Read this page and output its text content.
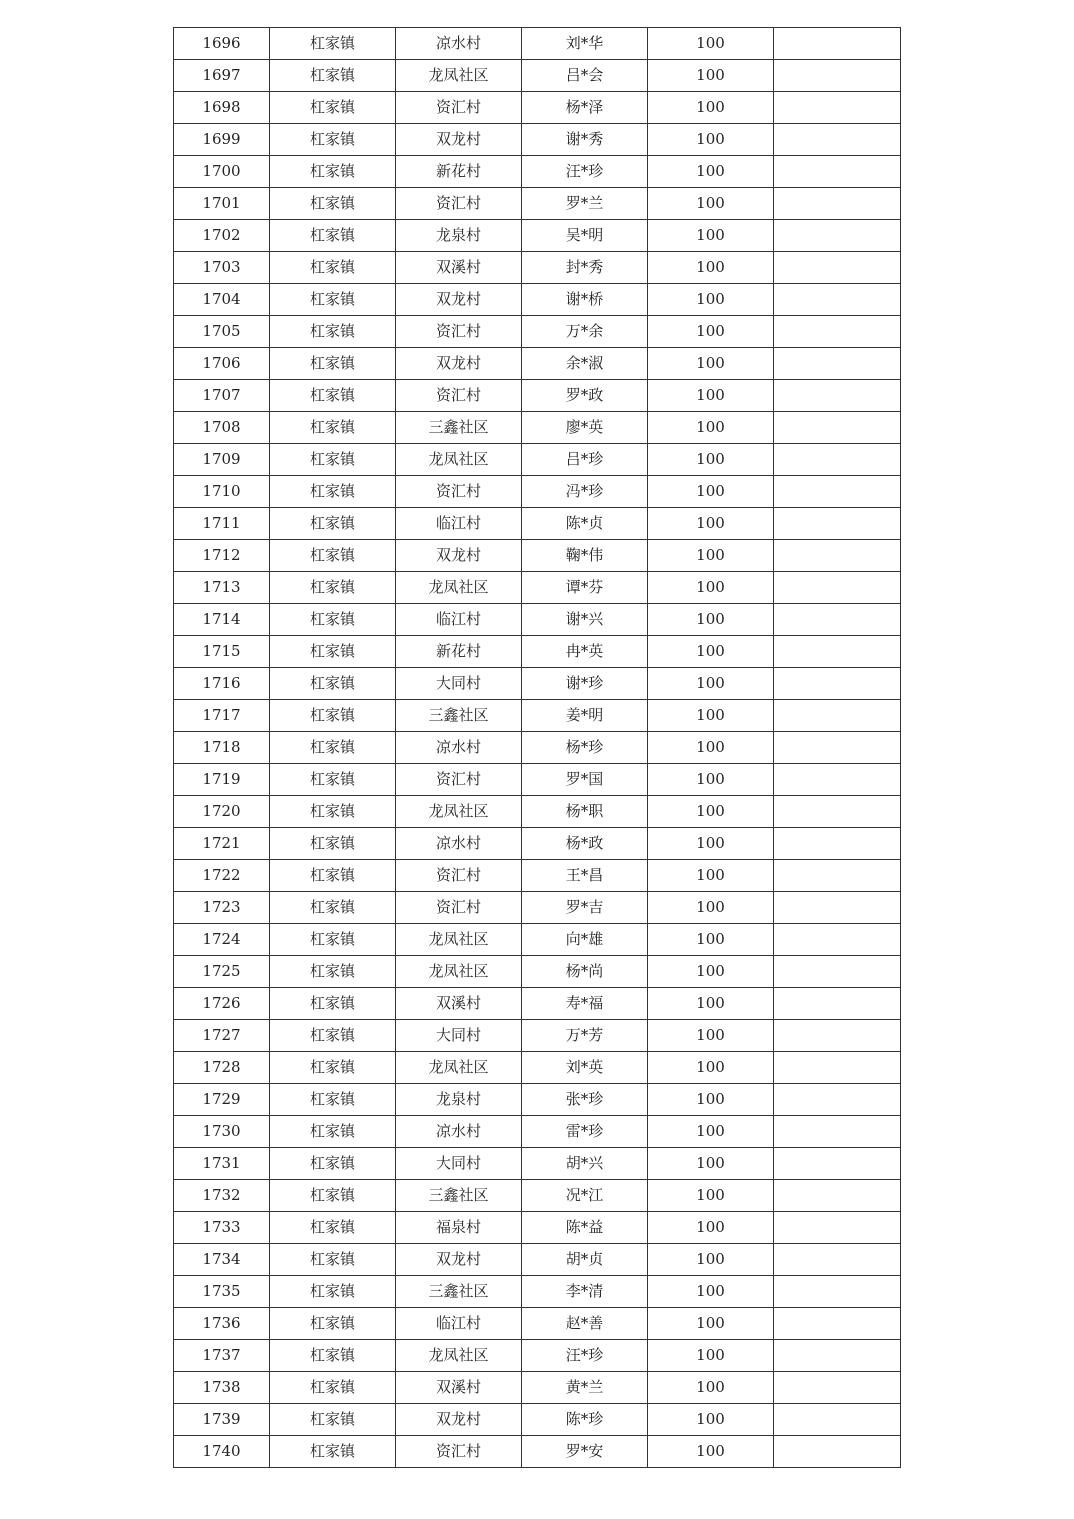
1696	杠家镇	凉水村	刘*华	100	
1697	杠家镇	龙凤社区	吕*会	100	
1698	杠家镇	资汇村	杨*泽	100	
1699	杠家镇	双龙村	谢*秀	100	
1700	杠家镇	新花村	汪*珍	100	
1701	杠家镇	资汇村	罗*兰	100	
1702	杠家镇	龙泉村	吴*明	100	
1703	杠家镇	双溪村	封*秀	100	
1704	杠家镇	双龙村	谢*桥	100	
1705	杠家镇	资汇村	万*余	100	
1706	杠家镇	双龙村	余*淑	100	
1707	杠家镇	资汇村	罗*政	100	
1708	杠家镇	三鑫社区	廖*英	100	
1709	杠家镇	龙凤社区	吕*珍	100	
1710	杠家镇	资汇村	冯*珍	100	
1711	杠家镇	临江村	陈*贞	100	
1712	杠家镇	双龙村	鞠*伟	100	
1713	杠家镇	龙凤社区	谭*芬	100	
1714	杠家镇	临江村	谢*兴	100	
1715	杠家镇	新花村	冉*英	100	
1716	杠家镇	大同村	谢*珍	100	
1717	杠家镇	三鑫社区	姜*明	100	
1718	杠家镇	凉水村	杨*珍	100	
1719	杠家镇	资汇村	罗*国	100	
1720	杠家镇	龙凤社区	杨*职	100	
1721	杠家镇	凉水村	杨*政	100	
1722	杠家镇	资汇村	王*昌	100	
1723	杠家镇	资汇村	罗*吉	100	
1724	杠家镇	龙凤社区	向*雄	100	
1725	杠家镇	龙凤社区	杨*尚	100	
1726	杠家镇	双溪村	寿*福	100	
1727	杠家镇	大同村	万*芳	100	
1728	杠家镇	龙凤社区	刘*英	100	
1729	杠家镇	龙泉村	张*珍	100	
1730	杠家镇	凉水村	雷*珍	100	
1731	杠家镇	大同村	胡*兴	100	
1732	杠家镇	三鑫社区	况*江	100	
1733	杠家镇	福泉村	陈*益	100	
1734	杠家镇	双龙村	胡*贞	100	
1735	杠家镇	三鑫社区	李*清	100	
1736	杠家镇	临江村	赵*善	100	
1737	杠家镇	龙凤社区	汪*珍	100	
1738	杠家镇	双溪村	黄*兰	100	
1739	杠家镇	双龙村	陈*珍	100	
1740	杠家镇	资汇村	罗*安	100	
